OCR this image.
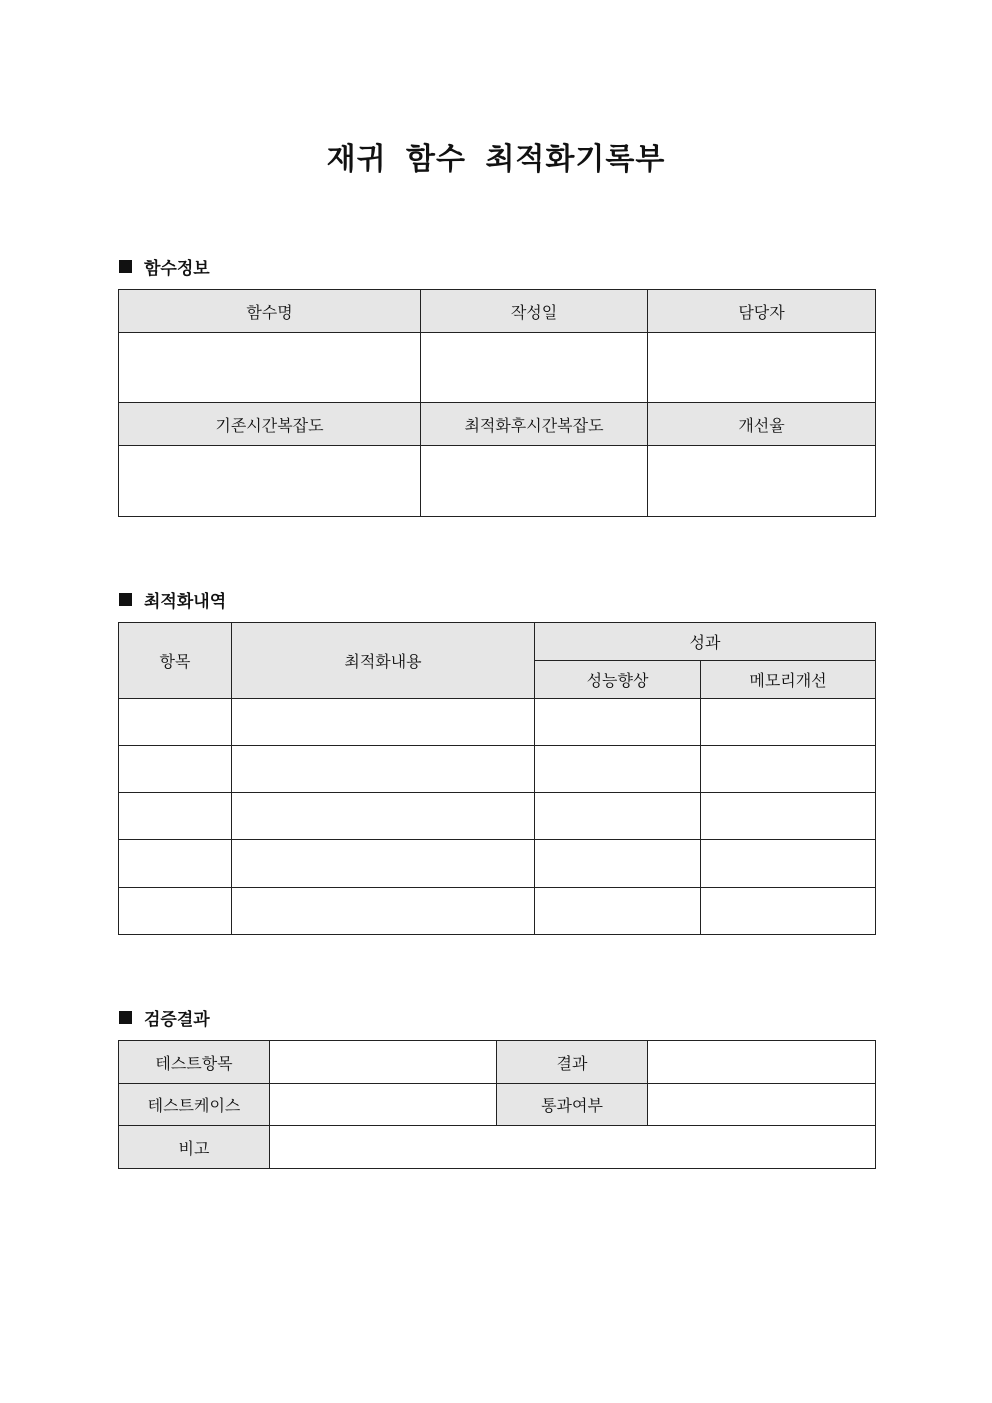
재귀 함수 최적화기록부
함수정보
함수명	작성일	담당자

기존시간복잡도	최적화후시간복잡도	개선율

최적화내역
항목	최적화내용	성과	
		성능향상	메모리개선

검증결과
테스트항목		결과	
테스트케이스		통과여부	
비고			
